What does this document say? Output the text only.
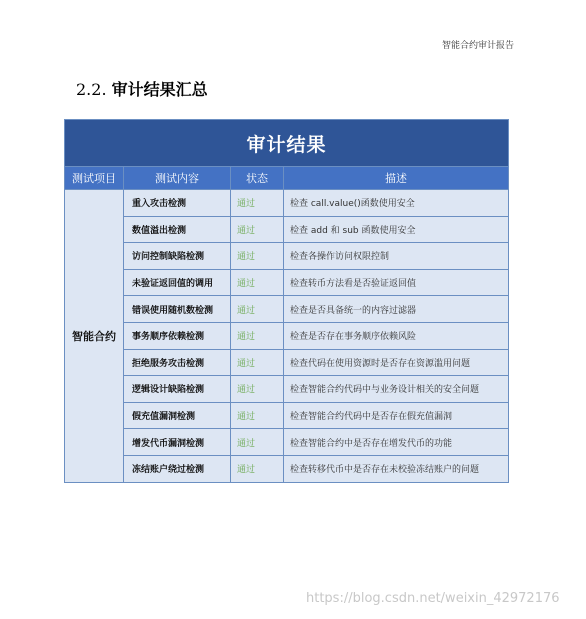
智能合约审计报告
2.2. 审计结果汇总
审计结果			
测试项目	测试内容	状态	描述
智能合约	重入攻击检测	通过	检查 call.value()函数使用安全
	数值溢出检测	通过	检查 add 和 sub 函数使用安全
	访问控制缺陷检测	通过	检查各操作访问权限控制
	未验证返回值的调用	通过	检查转币方法看是否验证返回值
	错误使用随机数检测	通过	检查是否具备统一的内容过滤器
	事务顺序依赖检测	通过	检查是否存在事务顺序依赖风险
	拒绝服务攻击检测	通过	检查代码在使用资源时是否存在资源滥用问题
	逻辑设计缺陷检测	通过	检查智能合约代码中与业务设计相关的安全问题
	假充值漏洞检测	通过	检查智能合约代码中是否存在假充值漏洞
	增发代币漏洞检测	通过	检查智能合约中是否存在增发代币的功能
	冻结账户绕过检测	通过	检查转移代币中是否存在未校验冻结账户的问题
https://blog.csdn.net/weixin_42972176
